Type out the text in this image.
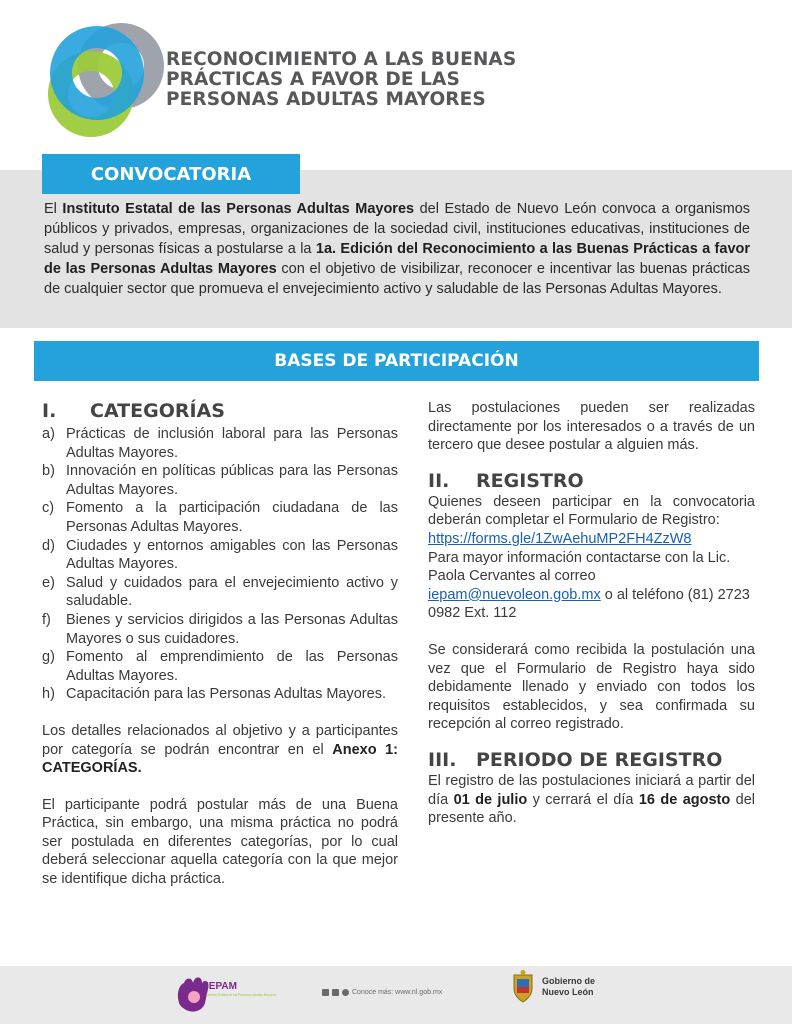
RECONOCIMIENTO A LAS BUENAS
PRÁCTICAS A FAVOR DE LAS
PERSONAS ADULTAS MAYORES
CONVOCATORIA

El Instituto Estatal de las Personas Adultas Mayores del Estado de Nuevo León convoca a organismos públicos y privados, empresas, organizaciones de la sociedad civil, instituciones educativas, instituciones de salud y personas físicas a postularse a la 1a. Edición del Reconocimiento a las Buenas Prácticas a favor de las Personas Adultas Mayores con el objetivo de visibilizar, reconocer e incentivar las buenas prácticas de cualquier sector que promueva el envejecimiento activo y saludable de las Personas Adultas Mayores.

BASES DE PARTICIPACIÓN
I.	CATEGORÍAS
a) Prácticas de inclusión laboral para las Personas Adultas Mayores.
b) Innovación en políticas públicas para las Personas Adultas Mayores.
c) Fomento a la participación ciudadana de las Personas Adultas Mayores.
d) Ciudades y entornos amigables con las Personas Adultas Mayores.
e) Salud y cuidados para el envejecimiento activo y saludable.
f)	Bienes y servicios dirigidos a las Personas Adultas Mayores o sus cuidadores.
g) Fomento al emprendimiento de las Personas Adultas Mayores.
h) Capacitación para las Personas Adultas Mayores.

Los detalles relacionados al objetivo y a participantes por categoría se podrán encontrar en el Anexo 1: CATEGORÍAS.

El participante podrá postular más de una Buena Práctica, sin embargo, una misma práctica no podrá ser postulada en diferentes categorías, por lo cual deberá seleccionar aquella categoría con la que mejor se identifique dicha práctica.

Las postulaciones pueden ser realizadas directamente por los interesados o a través de un tercero que desee postular a alguien más.

II.	REGISTRO

Quienes deseen participar en la convocatoria deberán completar el Formulario de Registro:

https://forms.gle/1ZwAehuMP2FH4ZzW8

Para mayor información contactarse con la Lic. Paola Cervantes al correo

iepam@nuevoleon.gob.mx o al teléfono (81) 2723 0982 Ext. 112

Se considerará como recibida la postulación una vez que el Formulario de Registro haya sido debidamente llenado y enviado con todos los requisitos establecidos, y sea confirmada su recepción al correo registrado.

III.	PERIODO DE REGISTRO

El registro de las postulaciones iniciará a partir del día 01 de julio y cerrará el día 16 de agosto del presente año.

IEPAM
Instituto Estatal de las Personas Adultas Mayores	Conoce más: www.nl.gob.mx
Gobierno de
Nuevo León
